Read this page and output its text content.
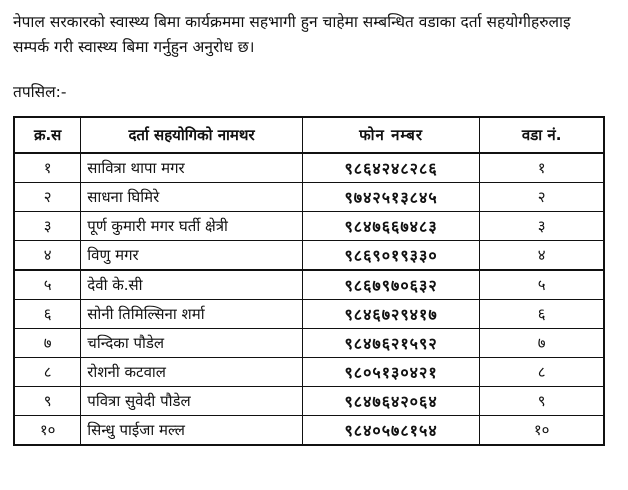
नेपाल सरकारको स्वास्थ्य बिमा कार्यक्रममा सहभागी हुन चाहेमा सम्बन्धित वडाका दर्ता सहयोगीहरुलाइ
सम्पर्क गरी स्वास्थ्य बिमा गर्नुहुन अनुरोध छ।

तपसिल:-

क्र.स	दर्ता सहयोगिको नामथर	फोन नम्बर	वडा नं.
१	सावित्रा थापा मगर	९८६४२४८२८६	१
२	साधना घिमिरे	९७४२५१३८४५	२
३	पूर्ण कुमारी मगर घर्ती क्षेत्री	९८४७६६७४८३	३
४	विणु मगर	९८६९०१९३३०	४
५	देवी के.सी	९८६७९७०६३२	५
६	सोनी तिमिल्सिना शर्मा	९८४६७२९४१७	६
७	चन्दिका पौडेल	९८४७६२१५९२	७
८	रोशनी कटवाल	९८०५१३०४२१	८
९	पवित्रा सुवेदी पौडेल	९८४७६४२०६४	९
१०	सिन्धु पाईजा मल्ल	९८४०५७८१५४	१०
